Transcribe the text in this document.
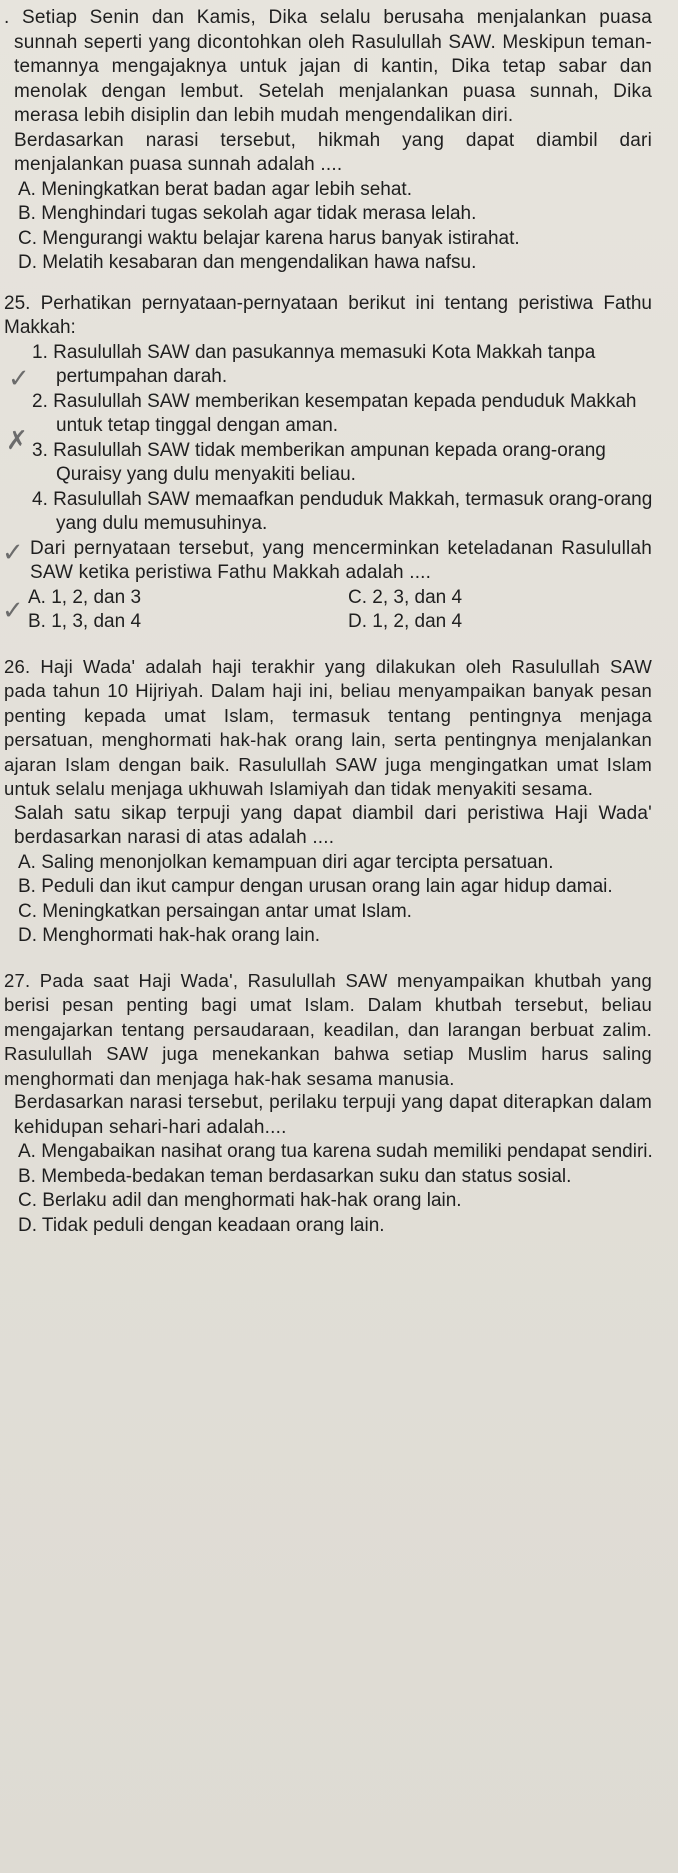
. Setiap Senin dan Kamis, Dika selalu berusaha menjalankan puasa sunnah seperti yang dicontohkan oleh Rasulullah SAW. Meskipun teman-temannya mengajaknya untuk jajan di kantin, Dika tetap sabar dan menolak dengan lembut. Setelah menjalankan puasa sunnah, Dika merasa lebih disiplin dan lebih mudah mengendalikan diri.

Berdasarkan narasi tersebut, hikmah yang dapat diambil dari menjalankan puasa sunnah adalah ....

A. Meningkatkan berat badan agar lebih sehat.
B. Menghindari tugas sekolah agar tidak merasa lelah.
C. Mengurangi waktu belajar karena harus banyak istirahat.
D. Melatih kesabaran dan mengendalikan hawa nafsu.

25. Perhatikan pernyataan-pernyataan berikut ini tentang peristiwa Fathu Makkah:

1. Rasulullah SAW dan pasukannya memasuki Kota Makkah tanpa pertumpahan darah.
2. Rasulullah SAW memberikan kesempatan kepada penduduk Makkah untuk tetap tinggal dengan aman.
3. Rasulullah SAW tidak memberikan ampunan kepada orang-orang Quraisy yang dulu menyakiti beliau.
4. Rasulullah SAW memaafkan penduduk Makkah, termasuk orang-orang yang dulu memusuhinya.

Dari pernyataan tersebut, yang mencerminkan keteladanan Rasulullah SAW ketika peristiwa Fathu Makkah adalah ....

A. 1, 2, dan 3	C. 2, 3, dan 4
B. 1, 3, dan 4	D. 1, 2, dan 4

26. Haji Wada' adalah haji terakhir yang dilakukan oleh Rasulullah SAW pada tahun 10 Hijriyah. Dalam haji ini, beliau menyampaikan banyak pesan penting kepada umat Islam, termasuk tentang pentingnya menjaga persatuan, menghormati hak-hak orang lain, serta pentingnya menjalankan ajaran Islam dengan baik. Rasulullah SAW juga mengingatkan umat Islam untuk selalu menjaga ukhuwah Islamiyah dan tidak menyakiti sesama.

Salah satu sikap terpuji yang dapat diambil dari peristiwa Haji Wada' berdasarkan narasi di atas adalah ....

A. Saling menonjolkan kemampuan diri agar tercipta persatuan.
B. Peduli dan ikut campur dengan urusan orang lain agar hidup damai.
C. Meningkatkan persaingan antar umat Islam.
D. Menghormati hak-hak orang lain.

27. Pada saat Haji Wada', Rasulullah SAW menyampaikan khutbah yang berisi pesan penting bagi umat Islam. Dalam khutbah tersebut, beliau mengajarkan tentang persaudaraan, keadilan, dan larangan berbuat zalim. Rasulullah SAW juga menekankan bahwa setiap Muslim harus saling menghormati dan menjaga hak-hak sesama manusia.

Berdasarkan narasi tersebut, perilaku terpuji yang dapat diterapkan dalam kehidupan sehari-hari adalah....

A. Mengabaikan nasihat orang tua karena sudah memiliki pendapat sendiri.
B. Membeda-bedakan teman berdasarkan suku dan status sosial.
C. Berlaku adil dan menghormati hak-hak orang lain.
D. Tidak peduli dengan keadaan orang lain.
✓
✗
✓
✓
